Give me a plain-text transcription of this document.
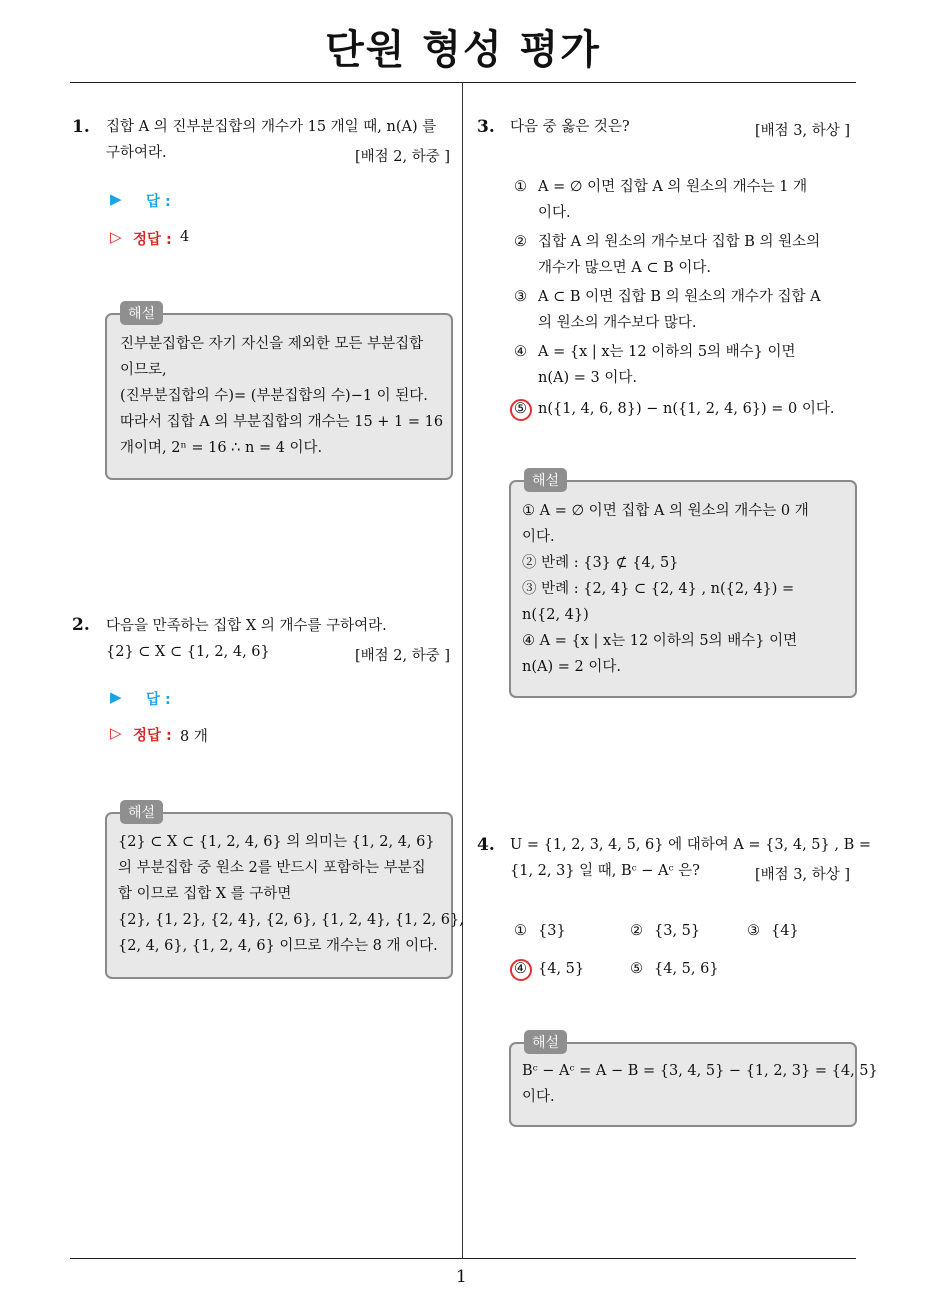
단원 형성 평가
1
1. 집합 A 의 진부분집합의 개수가 15 개일 때, n(A) 를
구하여라.	[배점 2, 하중 ]
▶ 답 :
▷ 정답 : 4
해설
진부분집합은 자기 자신을 제외한 모든 부분집합
이므로,
(진부분집합의 수)= (부분집합의 수)−1 이 된다.
따라서 집합 A 의 부분집합의 개수는 15 + 1 = 16
개이며, 2ⁿ = 16 ∴ n = 4 이다.
2. 다음을 만족하는 집합 X 의 개수를 구하여라.
{2} ⊂ X ⊂ {1, 2, 4, 6}	[배점 2, 하중 ]
▶ 답 :
▷ 정답 : 8 개
해설
{2} ⊂ X ⊂ {1, 2, 4, 6} 의 의미는 {1, 2, 4, 6}
의 부분집합 중 원소 2를 반드시 포함하는 부분집
합 이므로 집합 X 를 구하면
{2}, {1, 2}, {2, 4}, {2, 6}, {1, 2, 4}, {1, 2, 6},
{2, 4, 6}, {1, 2, 4, 6} 이므로 개수는 8 개 이다.
3. 다음 중 옳은 것은?	[배점 3, 하상 ]
① A = ∅ 이면 집합 A 의 원소의 개수는 1 개
이다.
② 집합 A 의 원소의 개수보다 집합 B 의 원소의
개수가 많으면 A ⊂ B 이다.
③ A ⊂ B 이면 집합 B 의 원소의 개수가 집합 A
의 원소의 개수보다 많다.
④ A = {x | x는 12 이하의 5의 배수} 이면
n(A) = 3 이다.
⑤ n({1, 4, 6, 8}) − n({1, 2, 4, 6}) = 0 이다.
해설
① A = ∅ 이면 집합 A 의 원소의 개수는 0 개
이다.
② 반례 : {3} ⊄ {4, 5}
③ 반례 : {2, 4} ⊂ {2, 4} , n({2, 4}) =
n({2, 4})
④ A = {x | x는 12 이하의 5의 배수} 이면
n(A) = 2 이다.
4. U = {1, 2, 3, 4, 5, 6} 에 대하여 A = {3, 4, 5} , B =
{1, 2, 3} 일 때, Bᶜ − Aᶜ 은?	[배점 3, 하상 ]
① {3}	② {3, 5}	③ {4}
④ {4, 5}	⑤ {4, 5, 6}
해설
Bᶜ − Aᶜ = A − B = {3, 4, 5} − {1, 2, 3} = {4, 5}
이다.
